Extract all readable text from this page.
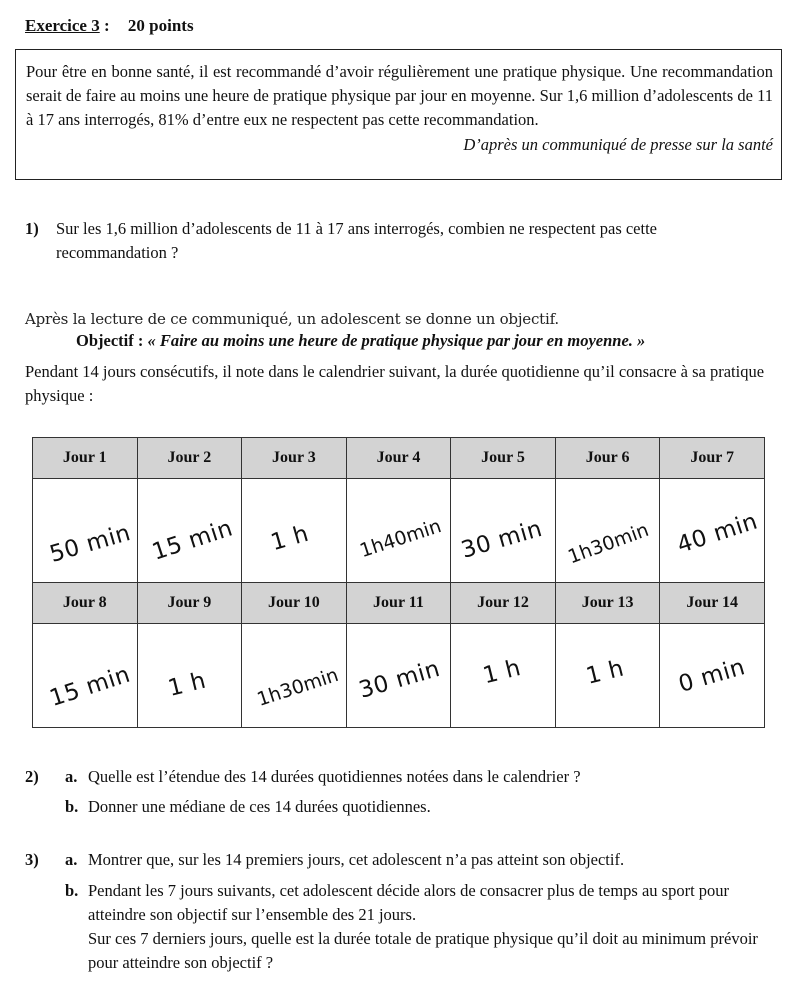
Exercice 3 : 20 points

Pour être en bonne santé, il est recommandé d’avoir régulièrement une pratique physique. Une recommandation serait de faire au moins une heure de pratique physique par jour en moyenne. Sur 1,6 million d’adolescents de 11 à 17 ans interrogés, 81% d’entre eux ne respectent pas cette recommandation.

D’après un communiqué de presse sur la santé
1)	Sur les 1,6 million d’adolescents de 11 à 17 ans interrogés, combien ne respectent pas cette recommandation ?
Après la lecture de ce communiqué, un adolescent se donne un objectif.
Objectif : « Faire au moins une heure de pratique physique par jour en moyenne. »
Pendant 14 jours consécutifs, il note dans le calendrier suivant, la durée quotidienne qu’il consacre à sa pratique physique :
Jour 1	Jour 2	Jour 3	Jour 4	Jour 5	Jour 6	Jour 7
50 min	15 min	1 h	1h40min	30 min	1h30min	40 min
Jour 8	Jour 9	Jour 10	Jour 11	Jour 12	Jour 13	Jour 14
15 min	1 h	1h30min	30 min	1 h	1 h	0 min
2)	a. Quelle est l’étendue des 14 durées quotidiennes notées dans le calendrier ?
b. Donner une médiane de ces 14 durées quotidiennes.
3)	a. Montrer que, sur les 14 premiers jours, cet adolescent n’a pas atteint son objectif.
b. Pendant les 7 jours suivants, cet adolescent décide alors de consacrer plus de temps au sport pour atteindre son objectif sur l’ensemble des 21 jours.
Sur ces 7 derniers jours, quelle est la durée totale de pratique physique qu’il doit au minimum prévoir pour atteindre son objectif ?
